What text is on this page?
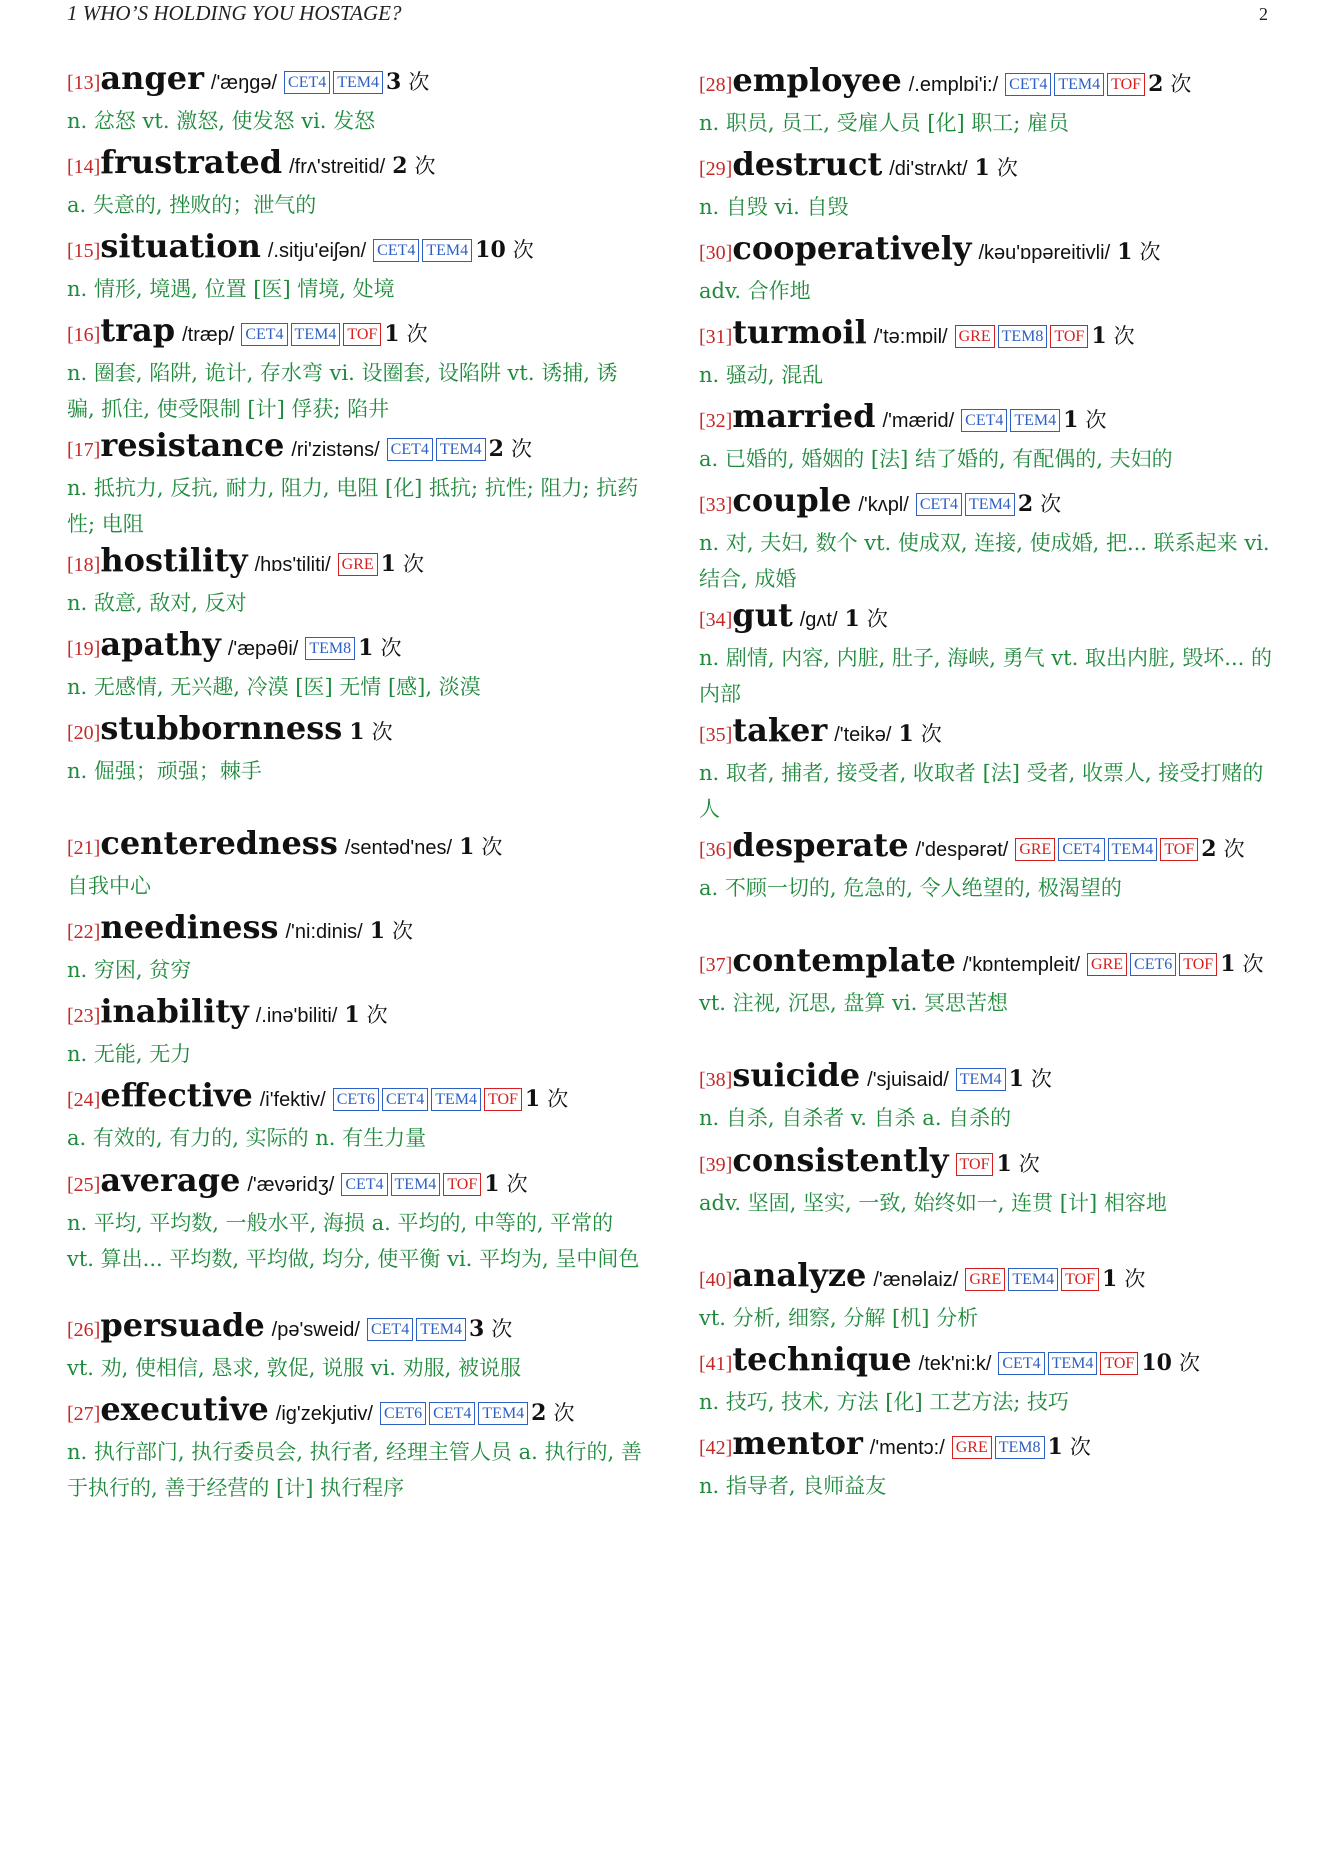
1 WHO’S HOLDING YOU HOSTAGE?	2
[13]anger /'æŋgə/ CET4 TEM4 3 次
n. 忿怒 vt. 激怒, 使发怒 vi. 发怒
[14]frustrated /frʌ'streitid/ 2 次
a. 失意的, 挫败的；泄气的
[15]situation /.sitju'eiʃən/ CET4 TEM4 10 次
n. 情形, 境遇, 位置 [医] 情境, 处境
[16]trap /træp/ CET4 TEM4 TOF 1 次
n. 圈套, 陷阱, 诡计, 存水弯 vi. 设圈套, 设陷阱 vt. 诱捕, 诱骗, 抓住, 使受限制 [计] 俘获; 陷井
[17]resistance /ri'zistəns/ CET4 TEM4 2 次
n. 抵抗力, 反抗, 耐力, 阻力, 电阻 [化] 抵抗; 抗性; 阻力; 抗药性; 电阻
[18]hostility /hɒs'tiliti/ GRE 1 次
n. 敌意, 敌对, 反对
[19]apathy /'æpəθi/ TEM8 1 次
n. 无感情, 无兴趣, 冷漠 [医] 无情 [感], 淡漠
[20]stubbornness 1 次
n. 倔强；顽强；棘手
[21]centeredness /sentəd'nes/ 1 次
自我中心
[22]neediness /'ni:dinis/ 1 次
n. 穷困, 贫穷
[23]inability /.inə'biliti/ 1 次
n. 无能, 无力
[24]effective /i'fektiv/ CET6 CET4 TEM4 TOF 1 次
a. 有效的, 有力的, 实际的 n. 有生力量
[25]average /'ævəridʒ/ CET4 TEM4 TOF 1 次
n. 平均, 平均数, 一般水平, 海损 a. 平均的, 中等的, 平常的 vt. 算出... 平均数, 平均做, 均分, 使平衡 vi. 平均为, 呈中间色
[26]persuade /pə'sweid/ CET4 TEM4 3 次
vt. 劝, 使相信, 恳求, 敦促, 说服 vi. 劝服, 被说服
[27]executive /ig'zekjutiv/ CET6 CET4 TEM4 2 次
n. 执行部门, 执行委员会, 执行者, 经理主管人员 a. 执行的, 善于执行的, 善于经营的 [计] 执行程序
[28]employee /.emplɒi'i:/ CET4 TEM4 TOF 2 次
n. 职员, 员工, 受雇人员 [化] 职工; 雇员
[29]destruct /di'strʌkt/ 1 次
n. 自毁 vi. 自毁
[30]cooperatively /kəu'ɒpəreitivli/ 1 次
adv. 合作地
[31]turmoil /'tə:mɒil/ GRE TEM8 TOF 1 次
n. 骚动, 混乱
[32]married /'mærid/ CET4 TEM4 1 次
a. 已婚的, 婚姻的 [法] 结了婚的, 有配偶的, 夫妇的
[33]couple /'kʌpl/ CET4 TEM4 2 次
n. 对, 夫妇, 数个 vt. 使成双, 连接, 使成婚, 把... 联系起来 vi. 结合, 成婚
[34]gut /gʌt/ 1 次
n. 剧情, 内容, 内脏, 肚子, 海峡, 勇气 vt. 取出内脏, 毁坏... 的内部
[35]taker /'teikə/ 1 次
n. 取者, 捕者, 接受者, 收取者 [法] 受者, 收票人, 接受打赌的人
[36]desperate /'despərət/ GRE CET4 TEM4 TOF 2 次
a. 不顾一切的, 危急的, 令人绝望的, 极渴望的
[37]contemplate /'kɒntempleit/ GRE CET6 TOF 1 次
vt. 注视, 沉思, 盘算 vi. 冥思苦想
[38]suicide /'sjuisaid/ TEM4 1 次
n. 自杀, 自杀者 v. 自杀 a. 自杀的
[39]consistently TOF 1 次
adv. 坚固, 坚实, 一致, 始终如一, 连贯 [计] 相容地
[40]analyze /'ænəlaiz/ GRE TEM4 TOF 1 次
vt. 分析, 细察, 分解 [机] 分析
[41]technique /tek'ni:k/ CET4 TEM4 TOF 10 次
n. 技巧, 技术, 方法 [化] 工艺方法; 技巧
[42]mentor /'mentɔ:/ GRE TEM8 1 次
n. 指导者, 良师益友
